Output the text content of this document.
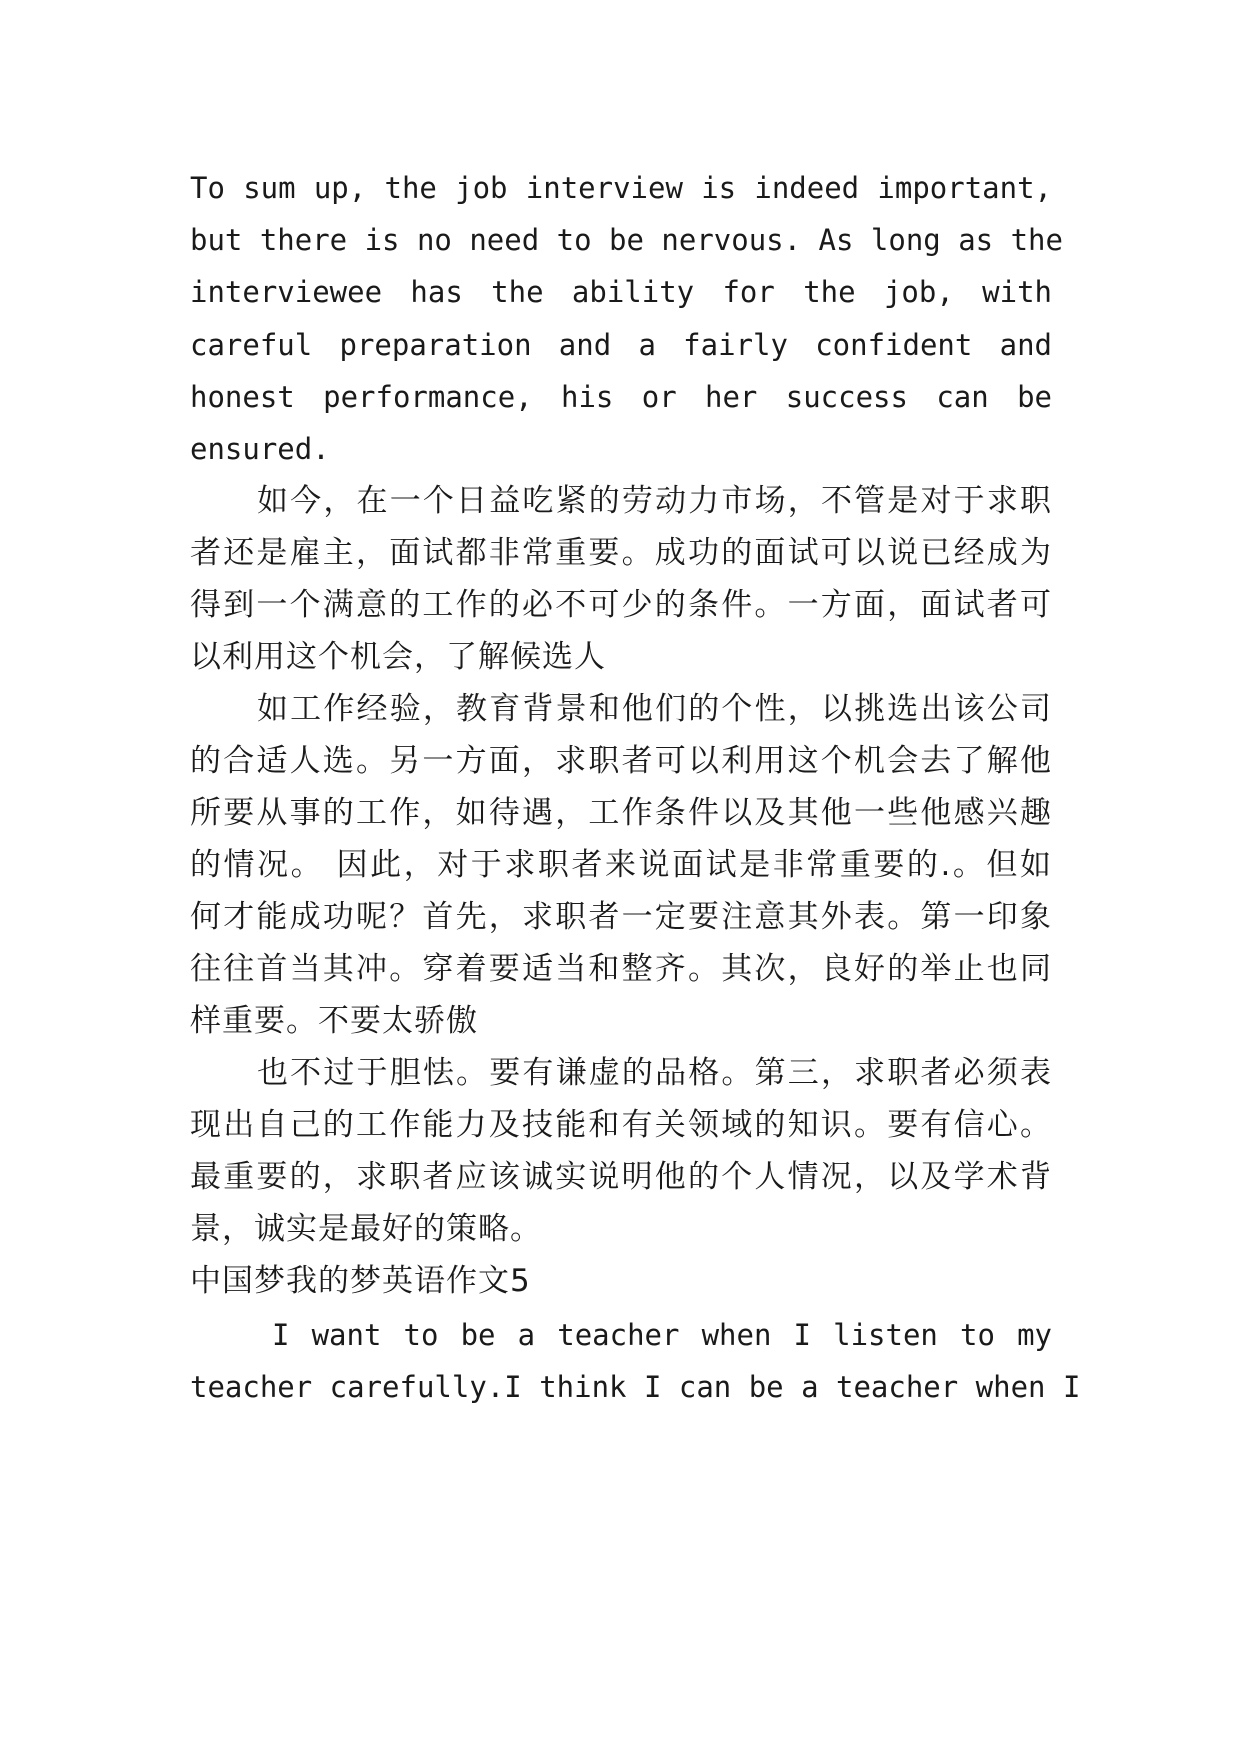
To sum up, the job interview is indeed important,
but there is no need to be nervous. As long as the
interviewee has the ability for the job, with
careful preparation and a fairly confident and
honest performance, his or her success can be
ensured.
如今，在一个日益吃紧的劳动力市场，不管是对于求职
者还是雇主，面试都非常重要。成功的面试可以说已经成为
得到一个满意的工作的必不可少的条件。一方面，面试者可
以利用这个机会，了解候选人
如工作经验，教育背景和他们的个性，以挑选出该公司
的合适人选。另一方面，求职者可以利用这个机会去了解他
所要从事的工作，如待遇，工作条件以及其他一些他感兴趣
的情况。 因此，对于求职者来说面试是非常重要的.。但如
何才能成功呢？首先，求职者一定要注意其外表。第一印象
往往首当其冲。穿着要适当和整齐。其次，良好的举止也同
样重要。不要太骄傲
也不过于胆怯。要有谦虚的品格。第三，求职者必须表
现出自己的工作能力及技能和有关领域的知识。要有信心。
最重要的，求职者应该诚实说明他的个人情况，以及学术背
景，诚实是最好的策略。
中国梦我的梦英语作文5
I want to be a teacher when I listen to my
teacher carefully.I think I can be a teacher when I
